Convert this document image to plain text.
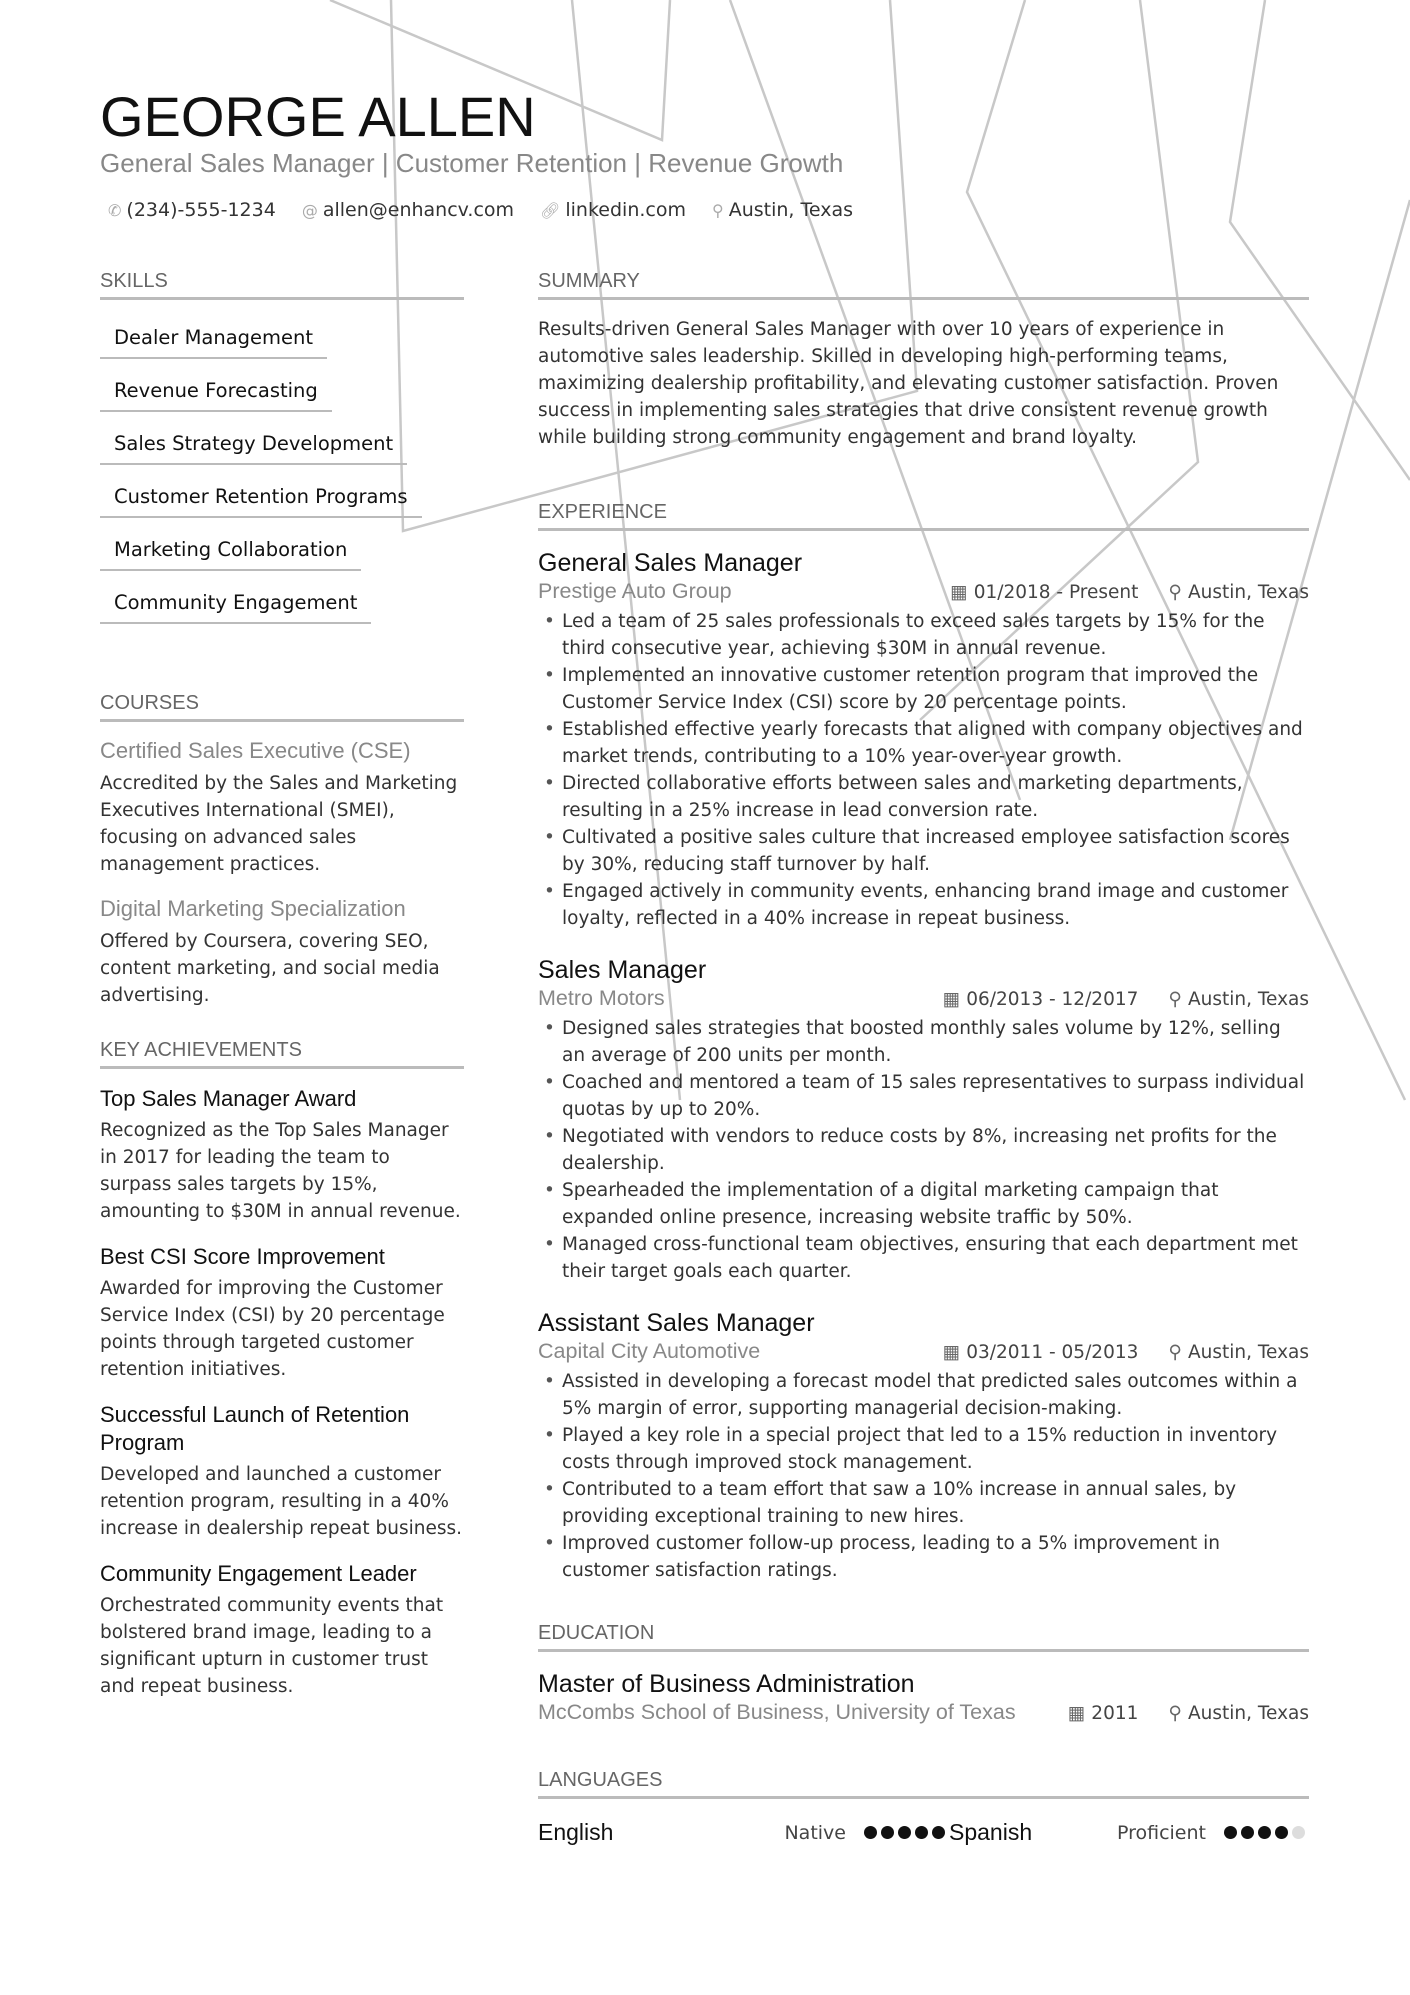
GEORGE ALLEN
General Sales Manager | Customer Retention | Revenue Growth
✆ (234)-555-1234 @ allen@enhancv.com 🔗︎ linkedin.com ⚲ Austin, Texas
SKILLS
Dealer Management
Revenue Forecasting
Sales Strategy Development
Customer Retention Programs
Marketing Collaboration
Community Engagement
COURSES
Certified Sales Executive (CSE)

Accredited by the Sales and Marketing Executives International (SMEI), focusing on advanced sales management practices.

Digital Marketing Specialization

Offered by Coursera, covering SEO, content marketing, and social media advertising.

KEY ACHIEVEMENTS
Top Sales Manager Award

Recognized as the Top Sales Manager in 2017 for leading the team to surpass sales targets by 15%, amounting to $30M in annual revenue.

Best CSI Score Improvement

Awarded for improving the Customer Service Index (CSI) by 20 percentage points through targeted customer retention initiatives.

Successful Launch of Retention Program

Developed and launched a customer retention program, resulting in a 40% increase in dealership repeat business.

Community Engagement Leader

Orchestrated community events that bolstered brand image, leading to a significant upturn in customer trust and repeat business.

SUMMARY

Results-driven General Sales Manager with over 10 years of experience in automotive sales leadership. Skilled in developing high-performing teams, maximizing dealership profitability, and elevating customer satisfaction. Proven success in implementing sales strategies that drive consistent revenue growth while building strong community engagement and brand loyalty.

EXPERIENCE
General Sales Manager
Prestige Auto Group	▦ 01/2018 - Present ⚲ Austin, Texas
• Led a team of 25 sales professionals to exceed sales targets by 15% for the third consecutive year, achieving $30M in annual revenue.
• Implemented an innovative customer retention program that improved the Customer Service Index (CSI) score by 20 percentage points.
• Established effective yearly forecasts that aligned with company objectives and market trends, contributing to a 10% year-over-year growth.
• Directed collaborative efforts between sales and marketing departments, resulting in a 25% increase in lead conversion rate.
• Cultivated a positive sales culture that increased employee satisfaction scores by 30%, reducing staff turnover by half.
• Engaged actively in community events, enhancing brand image and customer loyalty, reflected in a 40% increase in repeat business.
Sales Manager
Metro Motors	▦ 06/2013 - 12/2017 ⚲ Austin, Texas
• Designed sales strategies that boosted monthly sales volume by 12%, selling an average of 200 units per month.
• Coached and mentored a team of 15 sales representatives to surpass individual quotas by up to 20%.
• Negotiated with vendors to reduce costs by 8%, increasing net profits for the dealership.
• Spearheaded the implementation of a digital marketing campaign that expanded online presence, increasing website traffic by 50%.
• Managed cross-functional team objectives, ensuring that each department met their target goals each quarter.
Assistant Sales Manager
Capital City Automotive	▦ 03/2011 - 05/2013 ⚲ Austin, Texas
• Assisted in developing a forecast model that predicted sales outcomes within a 5% margin of error, supporting managerial decision-making.
• Played a key role in a special project that led to a 15% reduction in inventory costs through improved stock management.
• Contributed to a team effort that saw a 10% increase in annual sales, by providing exceptional training to new hires.
• Improved customer follow-up process, leading to a 5% improvement in customer satisfaction ratings.
EDUCATION
Master of Business Administration
McCombs School of Business, University of Texas	▦ 2011 ⚲ Austin, Texas
LANGUAGES
English	Native	Spanish	Proficient
